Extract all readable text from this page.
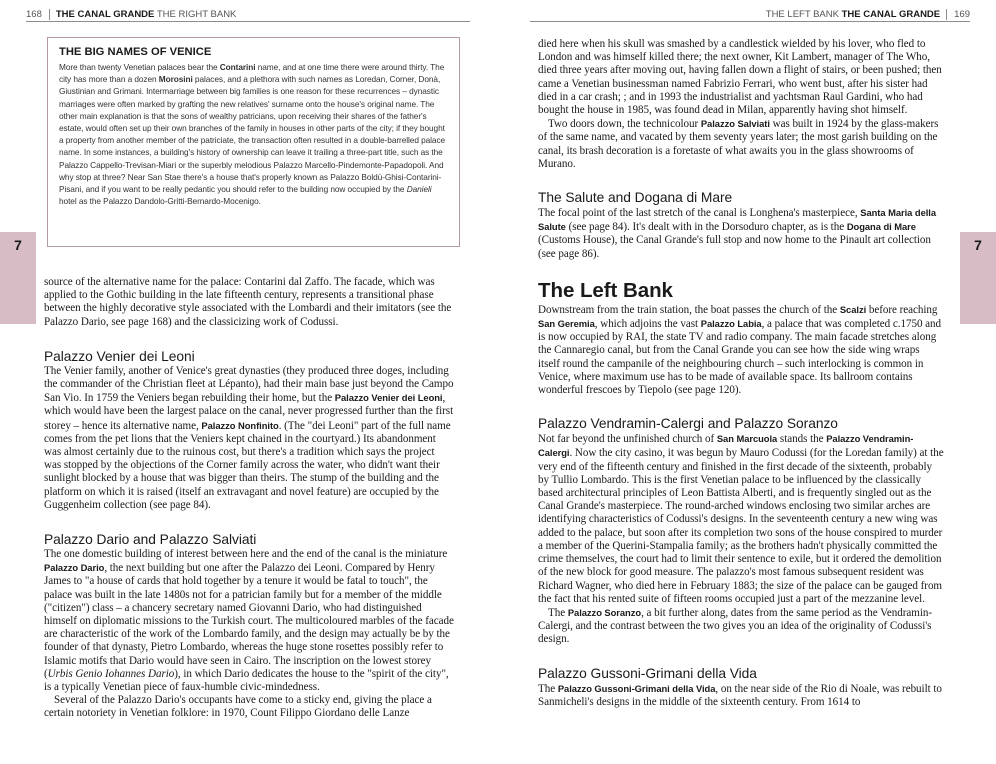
168 THE CANAL GRANDE THE RIGHT BANK
7
THE BIG NAMES OF VENICE

More than twenty Venetian palaces bear the Contarini name, and at one time there were around thirty. The city has more than a dozen Morosini palaces, and a plethora with such names as Loredan, Corner, Donà, Giustinian and Grimani. Intermarriage between big families is one reason for these recurrences – dynastic marriages were often marked by grafting the new relatives' surname onto the house's original name. The other main explanation is that the sons of wealthy patricians, upon receiving their shares of the father's estate, would often set up their own branches of the family in houses in other parts of the city; if they bought a property from another member of the patriciate, the transaction often resulted in a double-barrelled palace name. In some instances, a building's history of ownership can leave it trailing a three-part title, such as the Palazzo Cappello-Trevisan-Miari or the superbly melodious Palazzo Marcello-Pindemonte-Papadopoli. And why stop at three? Near San Stae there's a house that's properly known as Palazzo Boldù-Ghisi-Contarini-Pisani, and if you want to be really pedantic you should refer to the building now occupied by the Danieli hotel as the Palazzo Dandolo-Gritti-Bernardo-Mocenigo.

source of the alternative name for the palace: Contarini dal Zaffo. The facade, which was applied to the Gothic building in the late fifteenth century, represents a transitional phase between the highly decorative style associated with the Lombardi and their imitators (see the Palazzo Dario, see page 168) and the classicizing work of Codussi.

Palazzo Venier dei Leoni

The Venier family, another of Venice's great dynasties (they produced three doges, including the commander of the Christian fleet at Lépanto), had their main base just beyond the Campo San Vio. In 1759 the Veniers began rebuilding their home, but the Palazzo Venier dei Leoni, which would have been the largest palace on the canal, never progressed further than the first storey – hence its alternative name, Palazzo Nonfinito. (The "dei Leoni" part of the full name comes from the pet lions that the Veniers kept chained in the courtyard.) Its abandonment was almost certainly due to the ruinous cost, but there's a tradition which says the project was stopped by the objections of the Corner family across the water, who didn't want their sunlight blocked by a house that was bigger than theirs. The stump of the building and the platform on which it is raised (itself an extravagant and novel feature) are occupied by the Guggenheim collection (see page 84).

Palazzo Dario and Palazzo Salviati

The one domestic building of interest between here and the end of the canal is the miniature Palazzo Dario, the next building but one after the Palazzo dei Leoni. Compared by Henry James to "a house of cards that hold together by a tenure it would be fatal to touch", the palace was built in the late 1480s not for a patrician family but for a member of the middle ("citizen") class – a chancery secretary named Giovanni Dario, who had distinguished himself on diplomatic missions to the Turkish court. The multicoloured marbles of the facade are characteristic of the work of the Lombardo family, and the design may actually be by the founder of that dynasty, Pietro Lombardo, whereas the huge stone rosettes possibly refer to Islamic motifs that Dario would have seen in Cairo. The inscription on the lowest storey (Urbis Genio Iohannes Dario), in which Dario dedicates the house to the "spirit of the city", is a typically Venetian piece of faux-humble civic-mindedness.

Several of the Palazzo Dario's occupants have come to a sticky end, giving the place a certain notoriety in Venetian folklore: in 1970, Count Filippo Giordano delle Lanze

THE LEFT BANK THE CANAL GRANDE 169
7

died here when his skull was smashed by a candlestick wielded by his lover, who fled to London and was himself killed there; the next owner, Kit Lambert, manager of The Who, died three years after moving out, having fallen down a flight of stairs, or been pushed; then came a Venetian businessman named Fabrizio Ferrari, who went bust, after his sister had died in a car crash; ; and in 1993 the industrialist and yachtsman Raul Gardini, who had bought the house in 1985, was found dead in Milan, apparently having shot himself.

Two doors down, the technicolour Palazzo Salviati was built in 1924 by the glass-makers of the same name, and vacated by them seventy years later; the most garish building on the canal, its brash decoration is a foretaste of what awaits you in the glass showrooms of Murano.

The Salute and Dogana di Mare

The focal point of the last stretch of the canal is Longhena's masterpiece, Santa Maria della Salute (see page 84). It's dealt with in the Dorsoduro chapter, as is the Dogana di Mare (Customs House), the Canal Grande's full stop and now home to the Pinault art collection (see page 86).

The Left Bank

Downstream from the train station, the boat passes the church of the Scalzi before reaching San Geremia, which adjoins the vast Palazzo Labia, a palace that was completed c.1750 and is now occupied by RAI, the state TV and radio company. The main facade stretches along the Cannaregio canal, but from the Canal Grande you can see how the side wing wraps itself round the campanile of the neighbouring church – such interlocking is common in Venice, where maximum use has to be made of available space. Its ballroom contains wonderful frescoes by Tiepolo (see page 120).

Palazzo Vendramin-Calergi and Palazzo Soranzo

Not far beyond the unfinished church of San Marcuola stands the Palazzo Vendramin-Calergi. Now the city casino, it was begun by Mauro Codussi (for the Loredan family) at the very end of the fifteenth century and finished in the first decade of the sixteenth, probably by Tullio Lombardo. This is the first Venetian palace to be influenced by the classically based architectural principles of Leon Battista Alberti, and is frequently singled out as the Canal Grande's masterpiece. The round-arched windows enclosing two similar arches are identifying characteristics of Codussi's designs. In the seventeenth century a new wing was added to the palace, but soon after its completion two sons of the house conspired to murder a member of the Querini-Stampalia family; as the brothers hadn't physically committed the crime themselves, the court had to limit their sentence to exile, but it ordered the demolition of the new block for good measure. The palazzo's most famous subsequent resident was Richard Wagner, who died here in February 1883; the size of the palace can be gauged from the fact that his rented suite of fifteen rooms occupied just a part of the mezzanine level.

The Palazzo Soranzo, a bit further along, dates from the same period as the Vendramin-Calergi, and the contrast between the two gives you an idea of the originality of Codussi's design.

Palazzo Gussoni-Grimani della Vida

The Palazzo Gussoni-Grimani della Vida, on the near side of the Rio di Noale, was rebuilt to Sanmicheli's designs in the middle of the sixteenth century. From 1614 to
